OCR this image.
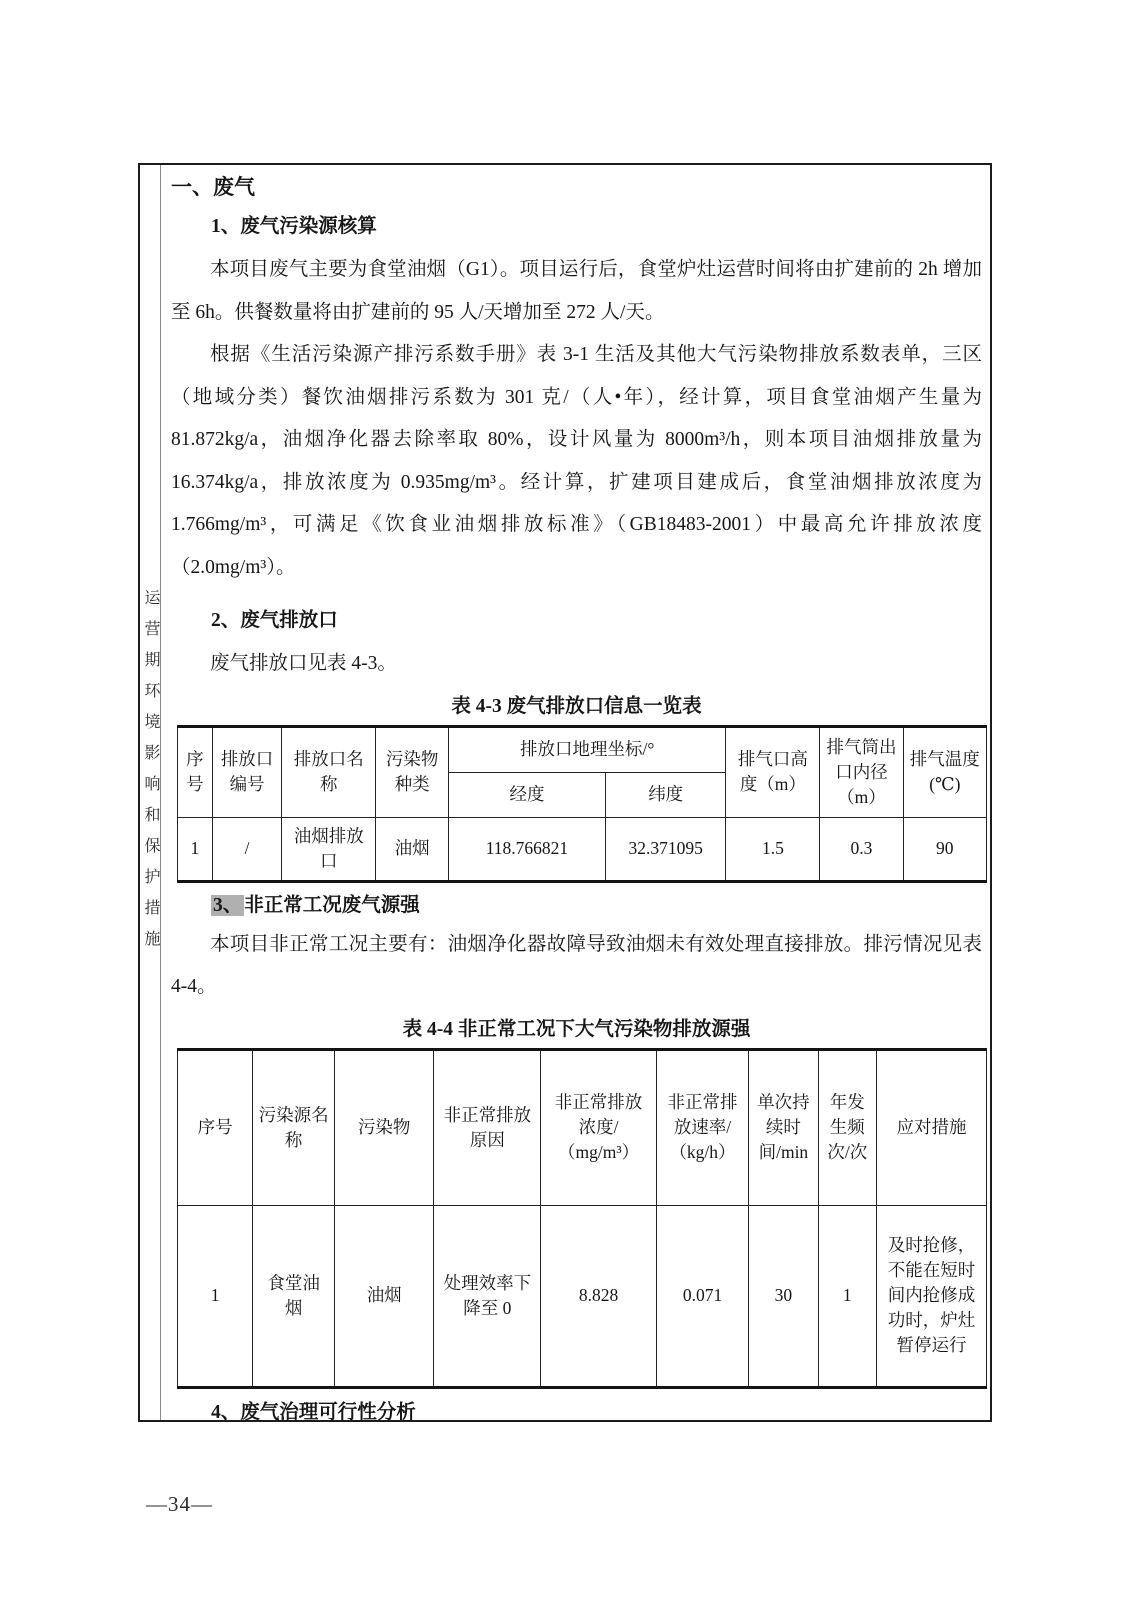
运营期环境影响和保护措施
一、废气
1、废气污染源核算

本项目废气主要为食堂油烟（G1）。项目运行后，食堂炉灶运营时间将由扩建前的 2h 增加至 6h。供餐数量将由扩建前的 95 人/天增加至 272 人/天。

根据《生活污染源产排污系数手册》表 3-1 生活及其他大气污染物排放系数表单，三区（地域分类）餐饮油烟排污系数为 301 克/（人•年），经计算，项目食堂油烟产生量为 81.872kg/a，油烟净化器去除率取 80%，设计风量为 8000m³/h，则本项目油烟排放量为 16.374kg/a，排放浓度为 0.935mg/m³。经计算，扩建项目建成后，食堂油烟排放浓度为 1.766mg/m³，可满足《饮食业油烟排放标准》（GB18483-2001）中最高允许排放浓度（2.0mg/m³）。

2、废气排放口

废气排放口见表 4-3。

表 4-3 废气排放口信息一览表
序号	排放口编号	排放口名称	污染物种类	排放口地理坐标/°		排气口高度（m）	排气筒出口内径（m）	排气温度(℃)
				经度	纬度			
1	/	油烟排放口	油烟	118.766821	32.371095	1.5	0.3	90
3、 非正常工况废气源强

本项目非正常工况主要有：油烟净化器故障导致油烟未有效处理直接排放。排污情况见表 4-4。

表 4-4 非正常工况下大气污染物排放源强
序号	污染源名称	污染物	非正常排放原因	非正常排放浓度/（mg/m³）	非正常排放速率/（kg/h）	单次持续时间/min	年发生频次/次	应对措施
1	食堂油烟	油烟	处理效率下降至 0	8.828	0.071	30	1	及时抢修，不能在短时间内抢修成功时，炉灶暂停运行
4、废气治理可行性分析
—34—
